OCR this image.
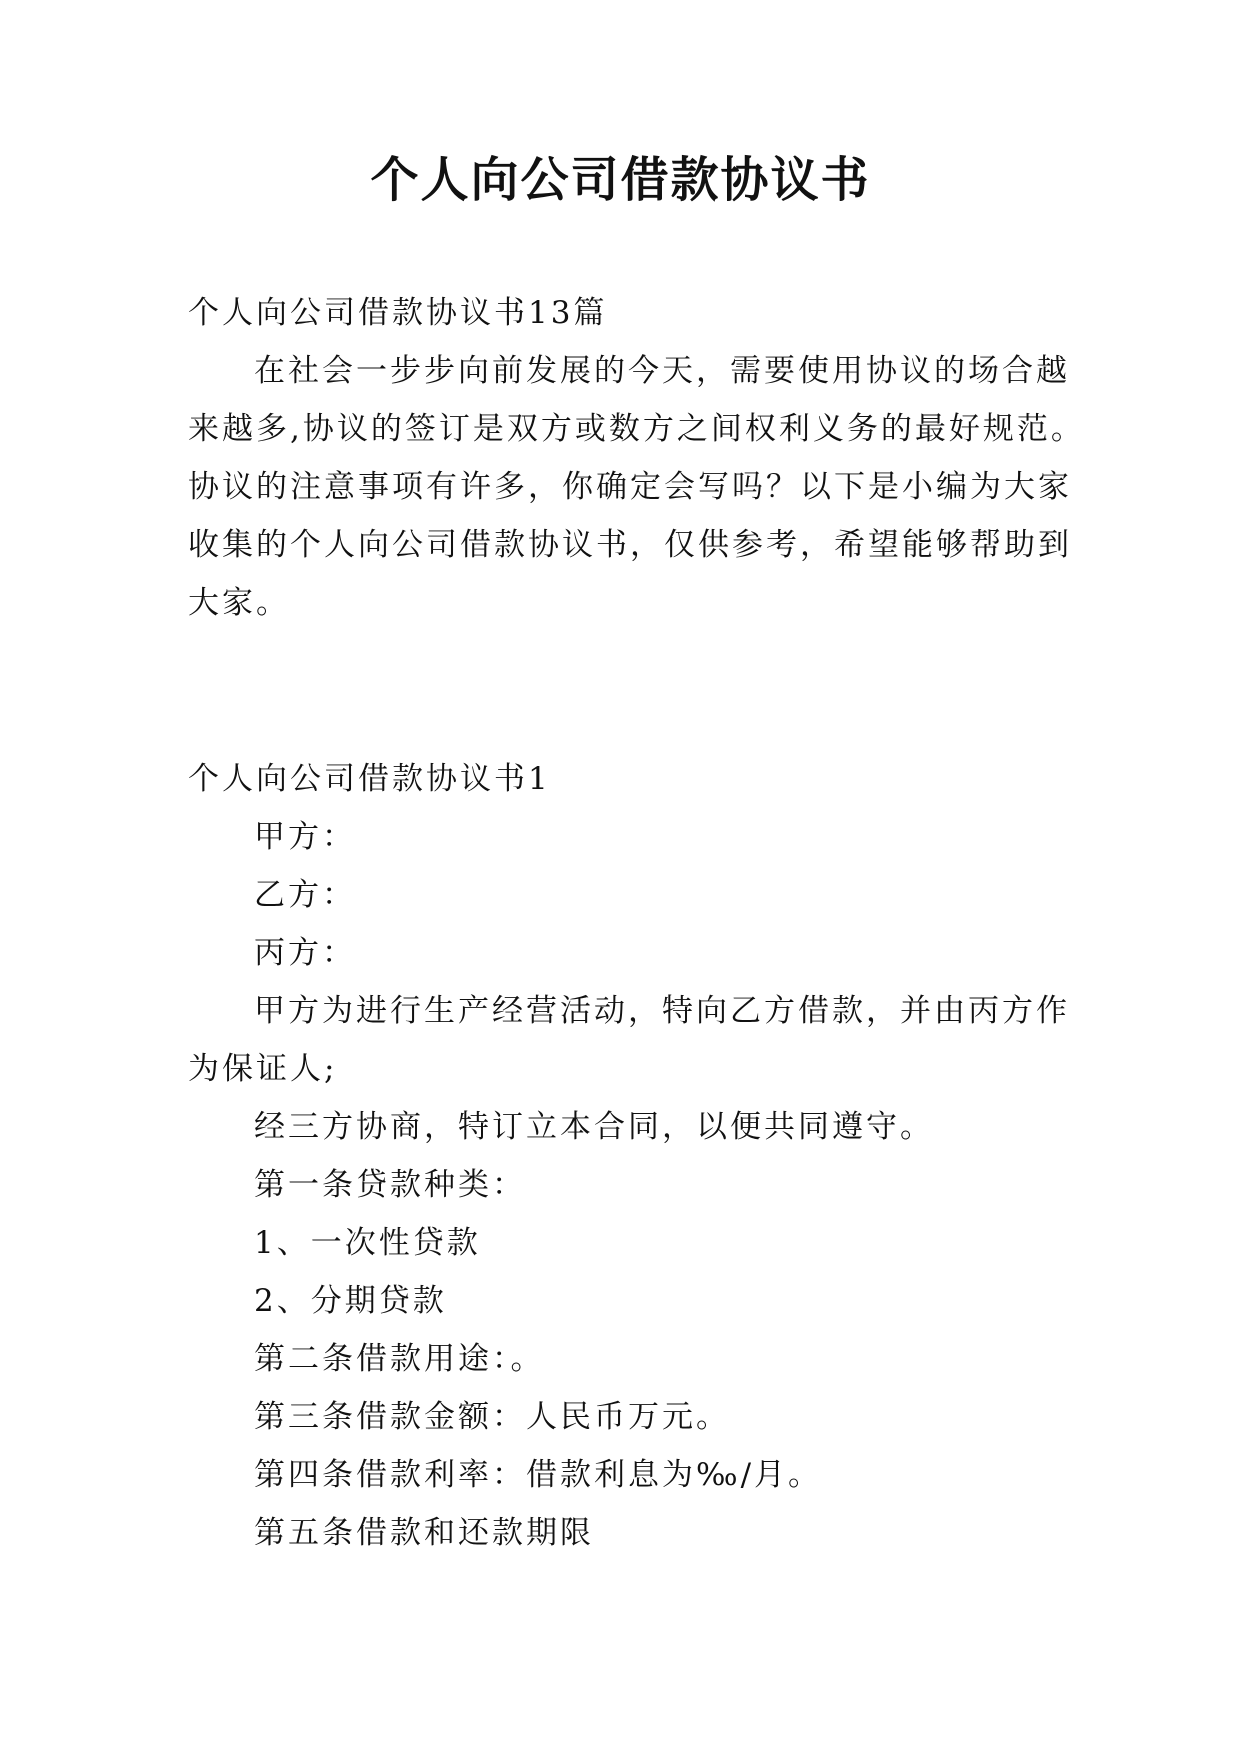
个人向公司借款协议书
个人向公司借款协议书13篇
在社会一步步向前发展的今天，需要使用协议的场合越
来越多,协议的签订是双方或数方之间权利义务的最好规范。
协议的注意事项有许多，你确定会写吗？以下是小编为大家
收集的个人向公司借款协议书，仅供参考，希望能够帮助到
大家。
个人向公司借款协议书1
甲方：
乙方：
丙方：
甲方为进行生产经营活动，特向乙方借款，并由丙方作
为保证人;
经三方协商，特订立本合同，以便共同遵守。
第一条贷款种类：
1、一次性贷款
2、分期贷款
第二条借款用途：。
第三条借款金额：人民币万元。
第四条借款利率：借款利息为‰/月。
第五条借款和还款期限
